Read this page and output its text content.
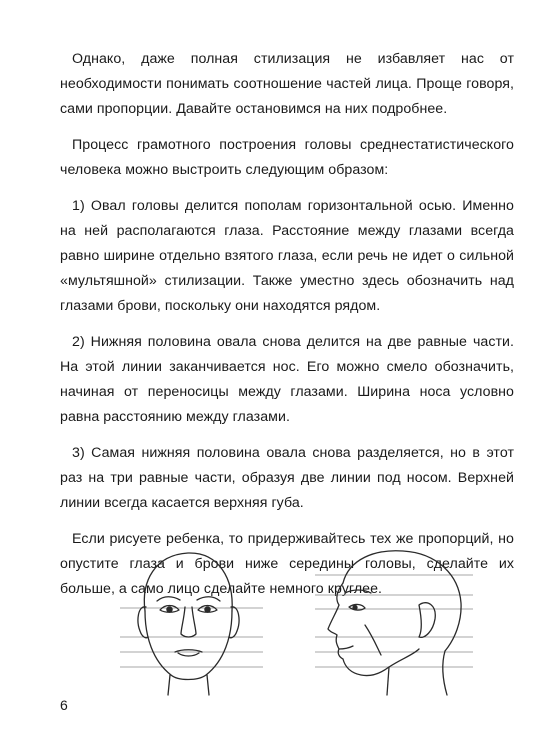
Однако, даже полная стилизация не избавляет нас от необходимости понимать соотношение частей лица. Проще говоря, сами пропорции. Давайте остановимся на них подробнее.

Процесс грамотного построения головы среднестатистического человека можно выстроить следующим образом:

1) Овал головы делится пополам горизонтальной осью. Именно на ней располагаются глаза. Расстояние между глазами всегда равно ширине отдельно взятого глаза, если речь не идет о сильной «мультяшной» стилизации. Также уместно здесь обозначить над глазами брови, поскольку они находятся рядом.

2) Нижняя половина овала снова делится на две равные части. На этой линии заканчивается нос. Его можно смело обозначить, начиная от переносицы между глазами. Ширина носа условно равна расстоянию между глазами.

3) Самая нижняя половина овала снова разделяется, но в этот раз на три равные части, образуя две линии под носом. Верхней линии всегда касается верхняя губа.

Если рисуете ребенка, то придерживайтесь тех же пропорций, но опустите глаза и брови ниже середины головы, сделайте их больше, а само лицо сделайте немного круглее.

6
